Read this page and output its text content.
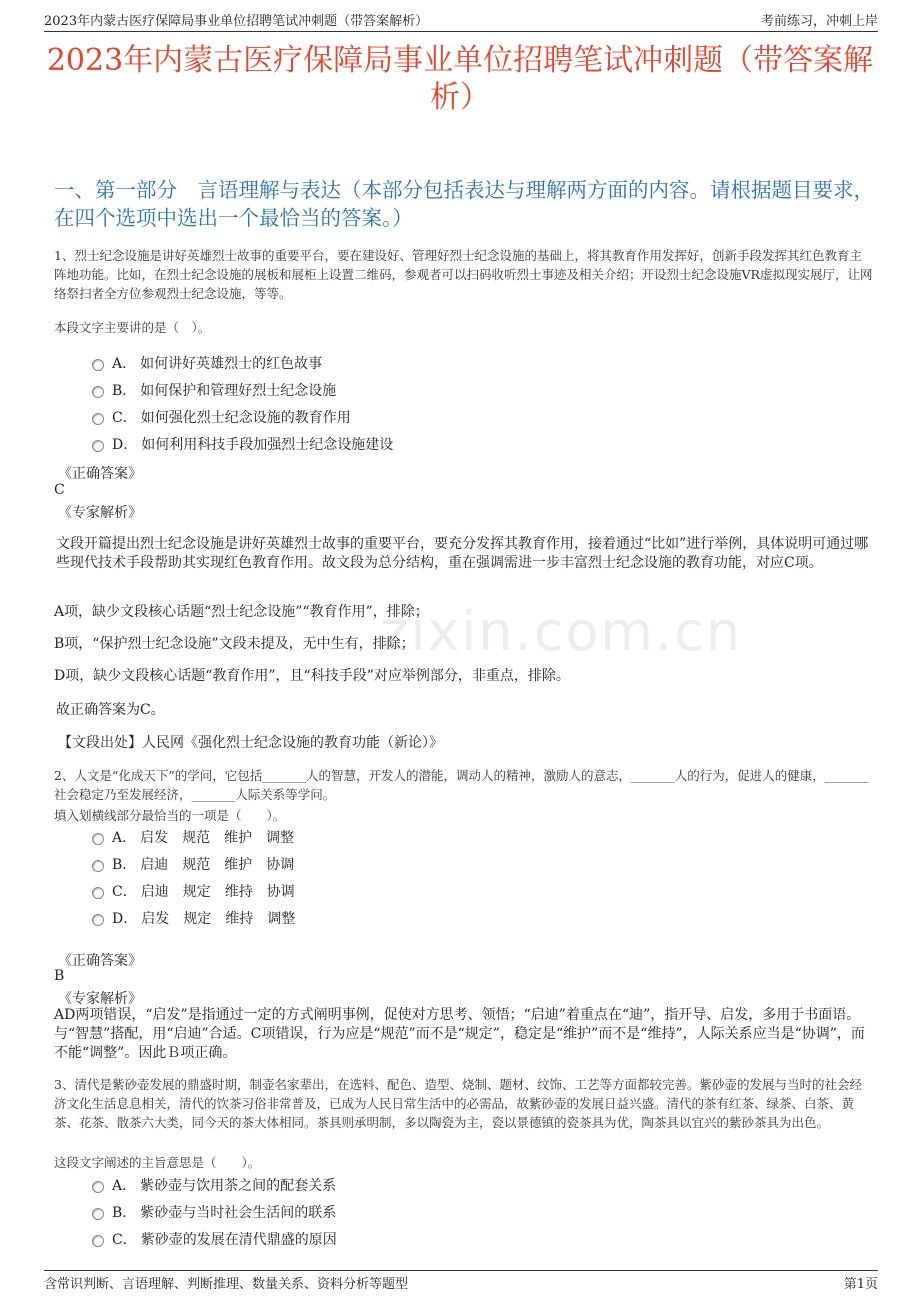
2023年内蒙古医疗保障局事业单位招聘笔试冲刺题（带答案解析）	考前练习，冲刺上岸
2023年内蒙古医疗保障局事业单位招聘笔试冲刺题（带答案解析）
一、第一部分　言语理解与表达（本部分包括表达与理解两方面的内容。请根据题目要求，在四个选项中选出一个最恰当的答案。）
zixin.com.cn
1、烈士纪念设施是讲好英雄烈士故事的重要平台，要在建设好、管理好烈士纪念设施的基础上，将其教育作用发挥好，创新手段发挥其红色教育主阵地功能。比如，在烈士纪念设施的展板和展柜上设置二维码，参观者可以扫码收听烈士事迹及相关介绍；开设烈士纪念设施VR虚拟现实展厅，让网络祭扫者全方位参观烈士纪念设施，等等。
本段文字主要讲的是（　）。
A． 如何讲好英雄烈士的红色故事
B． 如何保护和管理好烈士纪念设施
C． 如何强化烈士纪念设施的教育作用
D． 如何利用科技手段加强烈士纪念设施建设
《正确答案》
C
《专家解析》
文段开篇提出烈士纪念设施是讲好英雄烈士故事的重要平台，要充分发挥其教育作用，接着通过“比如”进行举例，具体说明可通过哪些现代技术手段帮助其实现红色教育作用。故文段为总分结构，重在强调需进一步丰富烈士纪念设施的教育功能，对应C项。
A项，缺少文段核心话题“烈士纪念设施”“教育作用”，排除；
B项，“保护烈士纪念设施”文段未提及，无中生有，排除；
D项，缺少文段核心话题“教育作用”，且“科技手段”对应举例部分，非重点，排除。
故正确答案为C。
【文段出处】人民网《强化烈士纪念设施的教育功能（新论）》
2、人文是“化成天下”的学问，它包括_______人的智慧，开发人的潜能，调动人的精神，激励人的意志，_______人的行为，促进人的健康，_______社会稳定乃至发展经济，_______人际关系等学问。
填入划横线部分最恰当的一项是（　　）。
A． 启发　规范　维护　调整
B． 启迪　规范　维护　协调
C． 启迪　规定　维持　协调
D． 启发　规定　维持　调整
《正确答案》
B
《专家解析》
AD两项错误，“启发”是指通过一定的方式阐明事例，促使对方思考、领悟；“启迪”着重点在“迪”，指开导、启发，多用于书面语。与“智慧”搭配，用“启迪”合适。C项错误，行为应是“规范”而不是“规定”，稳定是“维护”而不是“维持”，人际关系应当是“协调”，而不能“调整”。因此Ｂ项正确。
3、清代是紫砂壶发展的鼎盛时期，制壶名家辈出，在选料、配色、造型、烧制、题材、纹饰、工艺等方面都较完善。紫砂壶的发展与当时的社会经济文化生活息息相关，清代的饮茶习俗非常普及，已成为人民日常生活中的必需品，故紫砂壶的发展日益兴盛。清代的茶有红茶、绿茶、白茶、黄茶、花茶、散茶六大类，同今天的茶大体相同。茶具则承明制，多以陶瓷为主，瓷以景德镇的瓷茶具为优，陶茶具以宜兴的紫砂茶具为出色。
这段文字阐述的主旨意思是（　　）。
A． 紫砂壶与饮用茶之间的配套关系
B． 紫砂壶与当时社会生活间的联系
C． 紫砂壶的发展在清代鼎盛的原因
含常识判断、言语理解、判断推理、数量关系、资料分析等题型	第1页
